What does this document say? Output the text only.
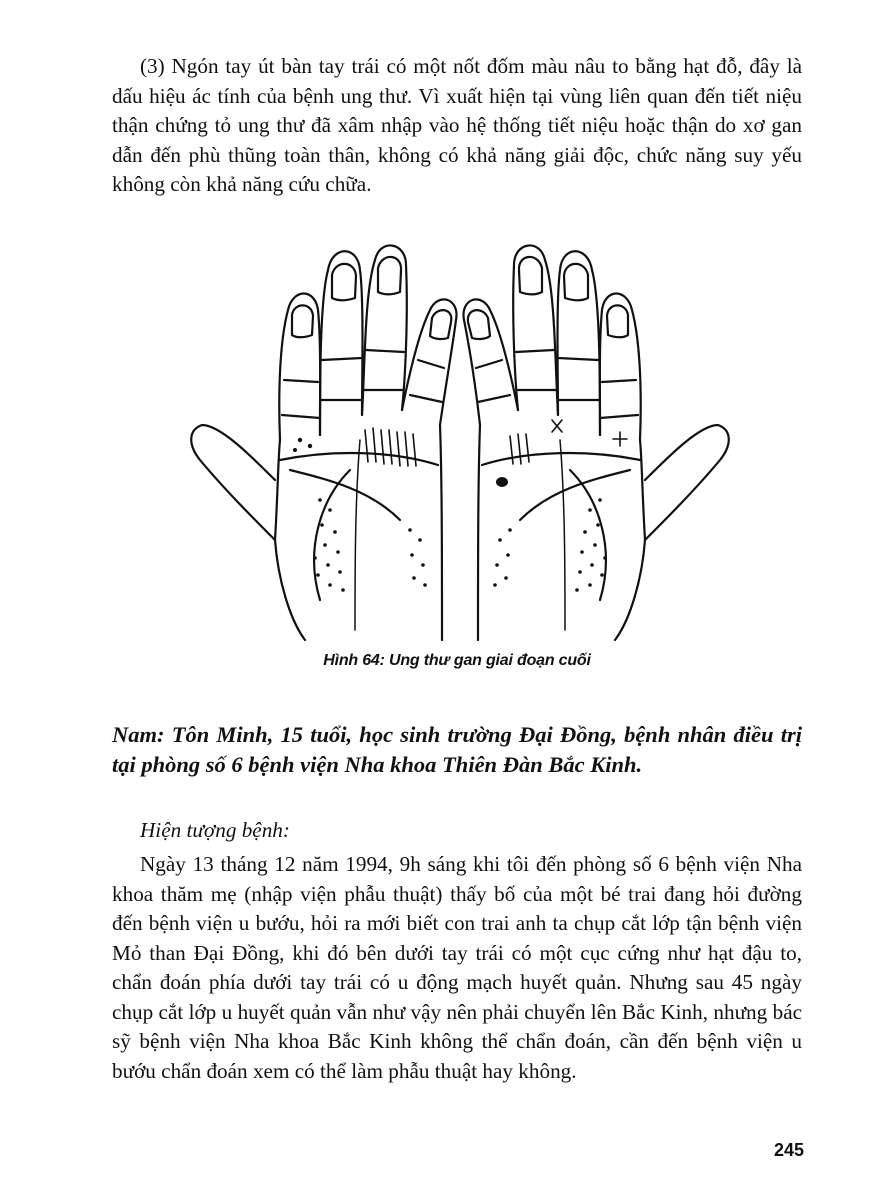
(3) Ngón tay út bàn tay trái có một nốt đốm màu nâu to bằng hạt đỗ, đây là dấu hiệu ác tính của bệnh ung thư. Vì xuất hiện tại vùng liên quan đến tiết niệu thận chứng tỏ ung thư đã xâm nhập vào hệ thống tiết niệu hoặc thận do xơ gan dẫn đến phù thũng toàn thân, không có khả năng giải độc, chức năng suy yếu không còn khả năng cứu chữa.

Hình 64: Ung thư gan giai đoạn cuối

Nam: Tôn Minh, 15 tuổi, học sinh trường Đại Đồng, bệnh nhân điều trị tại phòng số 6 bệnh viện Nha khoa Thiên Đàn Bắc Kinh.

Hiện tượng bệnh:

Ngày 13 tháng 12 năm 1994, 9h sáng khi tôi đến phòng số 6 bệnh viện Nha khoa thăm mẹ (nhập viện phẫu thuật) thấy bố của một bé trai đang hỏi đường đến bệnh viện u bướu, hỏi ra mới biết con trai anh ta chụp cắt lớp tận bệnh viện Mỏ than Đại Đồng, khi đó bên dưới tay trái có một cục cứng như hạt đậu to, chẩn đoán phía dưới tay trái có u động mạch huyết quản. Nhưng sau 45 ngày chụp cắt lớp u huyết quản vẫn như vậy nên phải chuyển lên Bắc Kinh, nhưng bác sỹ bệnh viện Nha khoa Bắc Kinh không thể chẩn đoán, cần đến bệnh viện u bướu chẩn đoán xem có thể làm phẫu thuật hay không.

245
